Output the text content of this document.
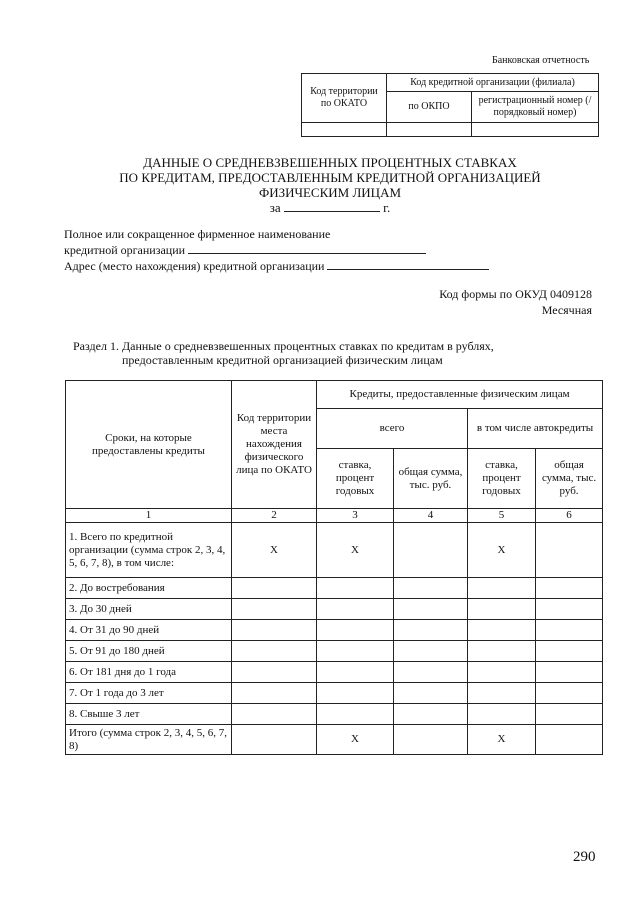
Банковская отчетность
Код территории по ОКАТО	Код кредитной организации (филиала)	
	по ОКПО	регистрационный номер (/порядковый номер)

ДАННЫЕ О СРЕДНЕВЗВЕШЕННЫХ ПРОЦЕНТНЫХ СТАВКАХ
ПО КРЕДИТАМ, ПРЕДОСТАВЛЕННЫМ КРЕДИТНОЙ ОРГАНИЗАЦИЕЙ
ФИЗИЧЕСКИМ ЛИЦАМ
за	г.
Полное или сокращенное фирменное наименование
кредитной организации
Адрес (место нахождения) кредитной организации
Код формы по ОКУД 0409128
Месячная
Раздел 1. Данные о средневзвешенных процентных ставках по кредитам в рублях,
предоставленным кредитной организацией физическим лицам
Сроки, на которые предоставлены кредиты	Код территории места нахождения физического лица по ОКАТО	Кредиты, предоставленные физическим лицам			
		всего		в том числе автокредиты	
		ставка, процент годовых	общая сумма, тыс. руб.	ставка, процент годовых	общая сумма, тыс. руб.
1	2	3	4	5	6
1. Всего по кредитной организации (сумма строк 2, 3, 4, 5, 6, 7, 8), в том числе:	X	X		X	
2. До востребования					
3. До 30 дней					
4. От 31 до 90 дней					
5. От 91 до 180 дней					
6. От 181 дня до 1 года					
7. От 1 года до 3 лет					
8. Свыше 3 лет					
Итого (сумма строк 2, 3, 4, 5, 6, 7, 8)		X		X	
290
